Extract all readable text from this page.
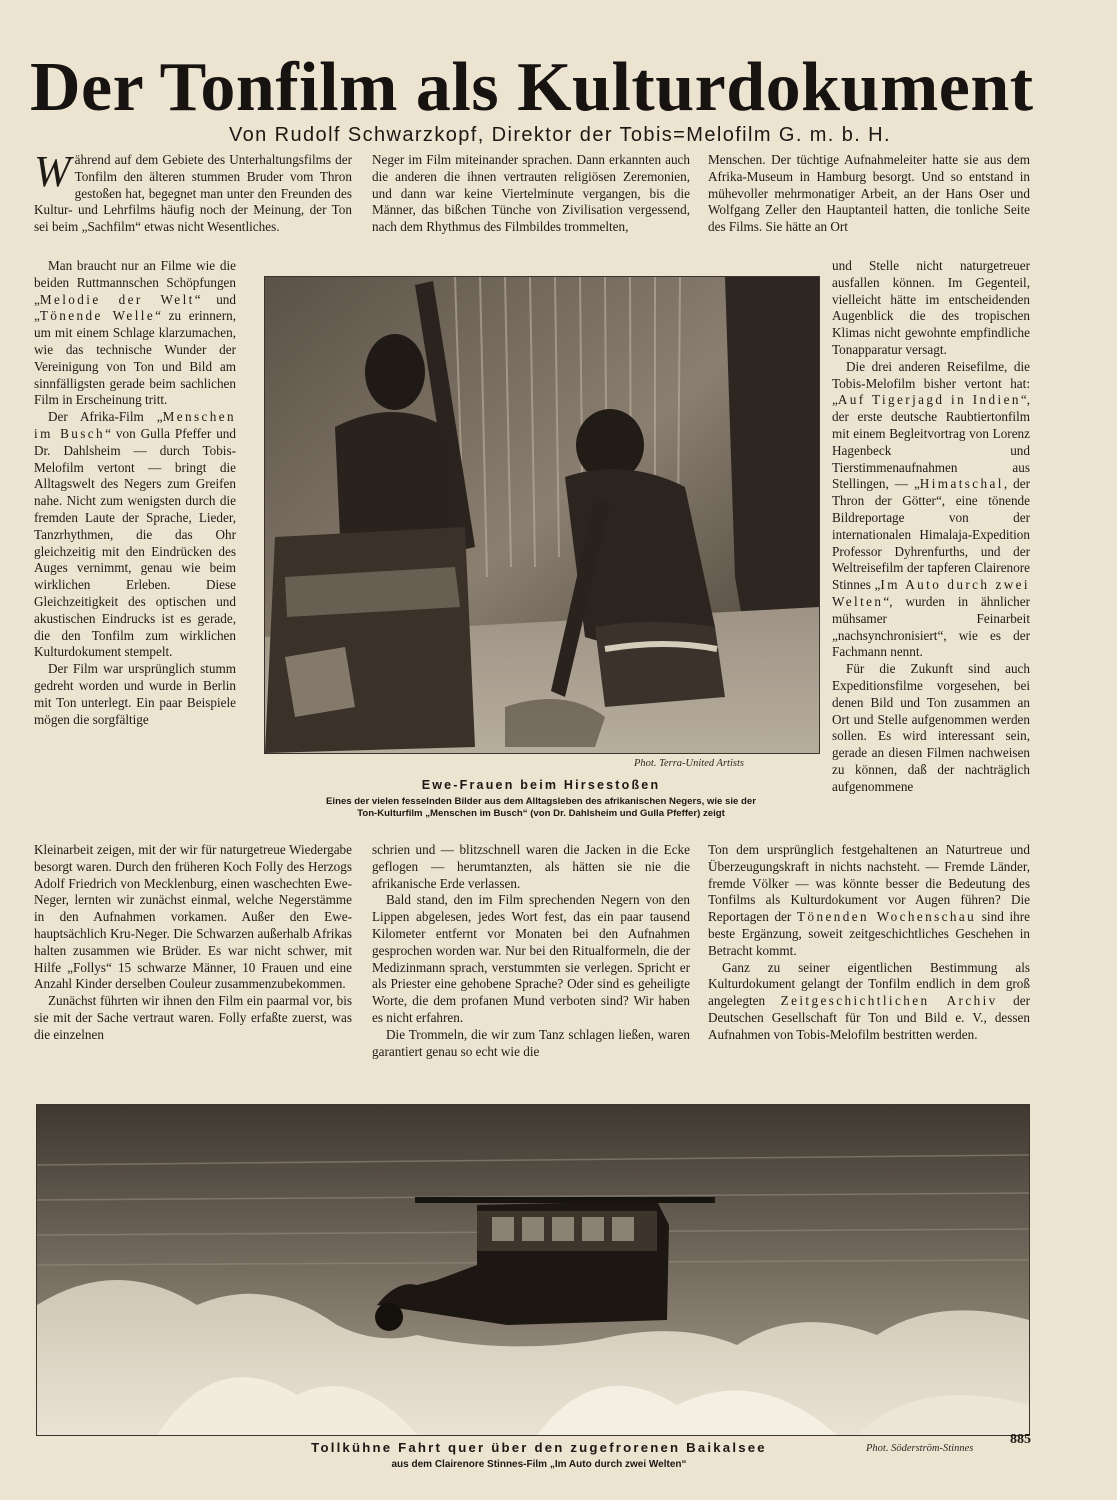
Der Tonfilm als Kulturdokument
Von Rudolf Schwarzkopf, Direktor der Tobis=Melofilm G. m. b. H.

Während auf dem Gebiete des Unterhaltungsfilms der Tonfilm den älteren stummen Bruder vom Thron gestoßen hat, begegnet man unter den Freunden des Kultur- und Lehrfilms häufig noch der Meinung, der Ton sei beim „Sachfilm“ etwas nicht Wesentliches.

Man braucht nur an Filme wie die beiden Ruttmannschen Schöpfungen „Melodie der Welt“ und „Tönende Welle“ zu erinnern, um mit einem Schlage klarzumachen, wie das technische Wunder der Vereinigung von Ton und Bild am sinnfälligsten gerade beim sachlichen Film in Erscheinung tritt.

Der Afrika-Film „Menschen im Busch“ von Gulla Pfeffer und Dr. Dahlsheim — durch Tobis-Melofilm vertont — bringt die Alltagswelt des Negers zum Greifen nahe. Nicht zum wenigsten durch die fremden Laute der Sprache, Lieder, Tanzrhythmen, die das Ohr gleichzeitig mit den Eindrücken des Auges vernimmt, genau wie beim wirklichen Erleben. Diese Gleichzeitigkeit des optischen und akustischen Eindrucks ist es gerade, die den Tonfilm zum wirklichen Kulturdokument stempelt.

Der Film war ursprünglich stumm gedreht worden und wurde in Berlin mit Ton unterlegt. Ein paar Beispiele mögen die sorgfältige

Kleinarbeit zeigen, mit der wir für naturgetreue Wiedergabe besorgt waren. Durch den früheren Koch Folly des Herzogs Adolf Friedrich von Mecklenburg, einen waschechten Ewe-Neger, lernten wir zunächst einmal, welche Negerstämme in den Aufnahmen vorkamen. Außer den Ewe- hauptsächlich Kru-Neger. Die Schwarzen außerhalb Afrikas halten zusammen wie Brüder. Es war nicht schwer, mit Hilfe „Follys“ 15 schwarze Männer, 10 Frauen und eine Anzahl Kinder derselben Couleur zusammenzubekommen.

Zunächst führten wir ihnen den Film ein paarmal vor, bis sie mit der Sache vertraut waren. Folly erfaßte zuerst, was die einzelnen

Neger im Film miteinander sprachen. Dann erkannten auch die anderen die ihnen vertrauten religiösen Zeremonien, und dann war keine Viertelminute vergangen, bis die Männer, das bißchen Tünche von Zivilisation vergessend, nach dem Rhythmus des Filmbildes trommelten,

schrien und — blitzschnell waren die Jacken in die Ecke geflogen — herumtanzten, als hätten sie nie die afrikanische Erde verlassen.

Bald stand, den im Film sprechenden Negern von den Lippen abgelesen, jedes Wort fest, das ein paar tausend Kilometer entfernt vor Monaten bei den Aufnahmen gesprochen worden war. Nur bei den Ritualformeln, die der Medizinmann sprach, verstummten sie verlegen. Spricht er als Priester eine gehobene Sprache? Oder sind es geheiligte Worte, die dem profanen Mund verboten sind? Wir haben es nicht erfahren.

Die Trommeln, die wir zum Tanz schlagen ließen, waren garantiert genau so echt wie die

Menschen. Der tüchtige Aufnahmeleiter hatte sie aus dem Afrika-Museum in Hamburg besorgt. Und so entstand in mühevoller mehrmonatiger Arbeit, an der Hans Oser und Wolfgang Zeller den Hauptanteil hatten, die tonliche Seite des Films. Sie hätte an Ort

und Stelle nicht naturgetreuer ausfallen können. Im Gegenteil, vielleicht hätte im entscheidenden Augenblick die des tropischen Klimas nicht gewohnte empfindliche Tonapparatur versagt.

Die drei anderen Reisefilme, die Tobis-Melofilm bisher vertont hat: „Auf Tigerjagd in Indien“, der erste deutsche Raubtiertonfilm mit einem Begleitvortrag von Lorenz Hagenbeck und Tierstimmenaufnahmen aus Stellingen, — „Himatschal, der Thron der Götter“, eine tönende Bildreportage von der internationalen Himalaja-Expedition Professor Dyhrenfurths, und der Weltreisefilm der tapferen Clairenore Stinnes „Im Auto durch zwei Welten“, wurden in ähnlicher mühsamer Feinarbeit „nachsynchronisiert“, wie es der Fachmann nennt.

Für die Zukunft sind auch Expeditionsfilme vorgesehen, bei denen Bild und Ton zusammen an Ort und Stelle aufgenommen werden sollen. Es wird interessant sein, gerade an diesen Filmen nachweisen zu können, daß der nachträglich aufgenommene

Ton dem ursprünglich festgehaltenen an Naturtreue und Überzeugungskraft in nichts nachsteht. — Fremde Länder, fremde Völker — was könnte besser die Bedeutung des Tonfilms als Kulturdokument vor Augen führen? Die Reportagen der Tönenden Wochenschau sind ihre beste Ergänzung, soweit zeitgeschichtliches Geschehen in Betracht kommt.

Ganz zu seiner eigentlichen Bestimmung als Kulturdokument gelangt der Tonfilm endlich in dem groß angelegten Zeitgeschichtlichen Archiv der Deutschen Gesellschaft für Ton und Bild e. V., dessen Aufnahmen von Tobis-Melofilm bestritten werden.

Phot. Terra-United Artists
Ewe-Frauen beim Hirsestoßen
Eines der vielen fesselnden Bilder aus dem Alltagsleben des afrikanischen Negers, wie sie der
Ton-Kulturfilm „Menschen im Busch“ (von Dr. Dahlsheim und Gulla Pfeffer) zeigt
Tollkühne Fahrt quer über den zugefrorenen Baikalsee
aus dem Clairenore Stinnes-Film „Im Auto durch zwei Welten“
Phot. Söderström-Stinnes
885
